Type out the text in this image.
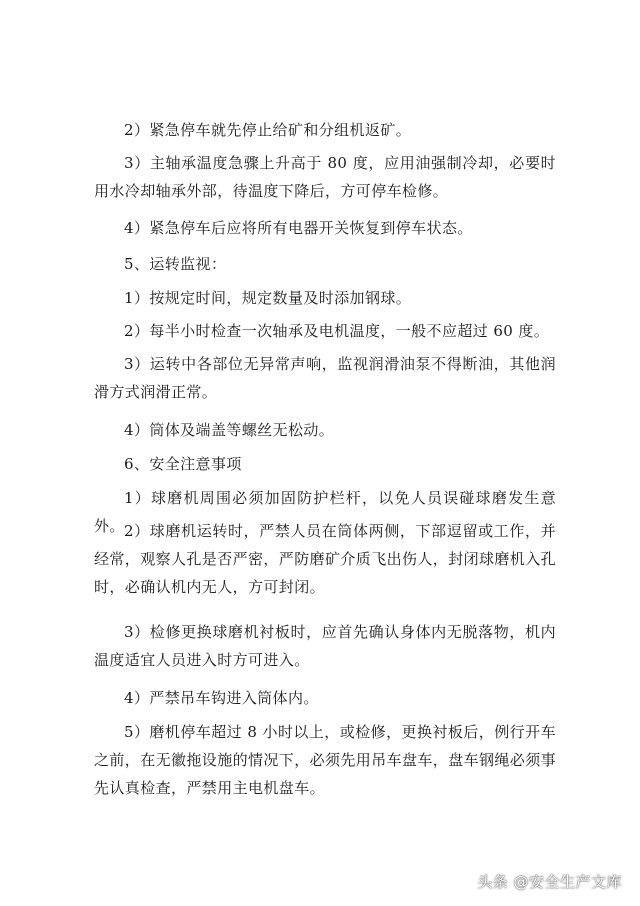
2）紧急停车就先停止给矿和分组机返矿。

3）主轴承温度急骤上升高于 80 度，应用油强制冷却，必要时用水冷却轴承外部，待温度下降后，方可停车检修。

4）紧急停车后应将所有电器开关恢复到停车状态。

5、运转监视：

1）按规定时间，规定数量及时添加钢球。

2）每半小时检查一次轴承及电机温度，一般不应超过 60 度。

3）运转中各部位无异常声响，监视润滑油泵不得断油，其他润滑方式润滑正常。

4）筒体及端盖等螺丝无松动。

6、安全注意事项

1）球磨机周围必须加固防护栏杆，以免人员误碰球磨发生意外。 2）球磨机运转时，严禁人员在筒体两侧，下部逗留或工作，并经常，观察人孔是否严密，严防磨矿介质飞出伤人，封闭球磨机入孔时，必确认机内无人，方可封闭。

3）检修更换球磨机衬板时，应首先确认身体内无脱落物，机内温度适宜人员进入时方可进入。

4）严禁吊车钩进入筒体内。

5）磨机停车超过 8 小时以上，或检修，更换衬板后，例行开车之前，在无徽拖设施的情况下，必须先用吊车盘车，盘车钢绳必须事先认真检查，严禁用主电机盘车。

头条 @安全生产文库
